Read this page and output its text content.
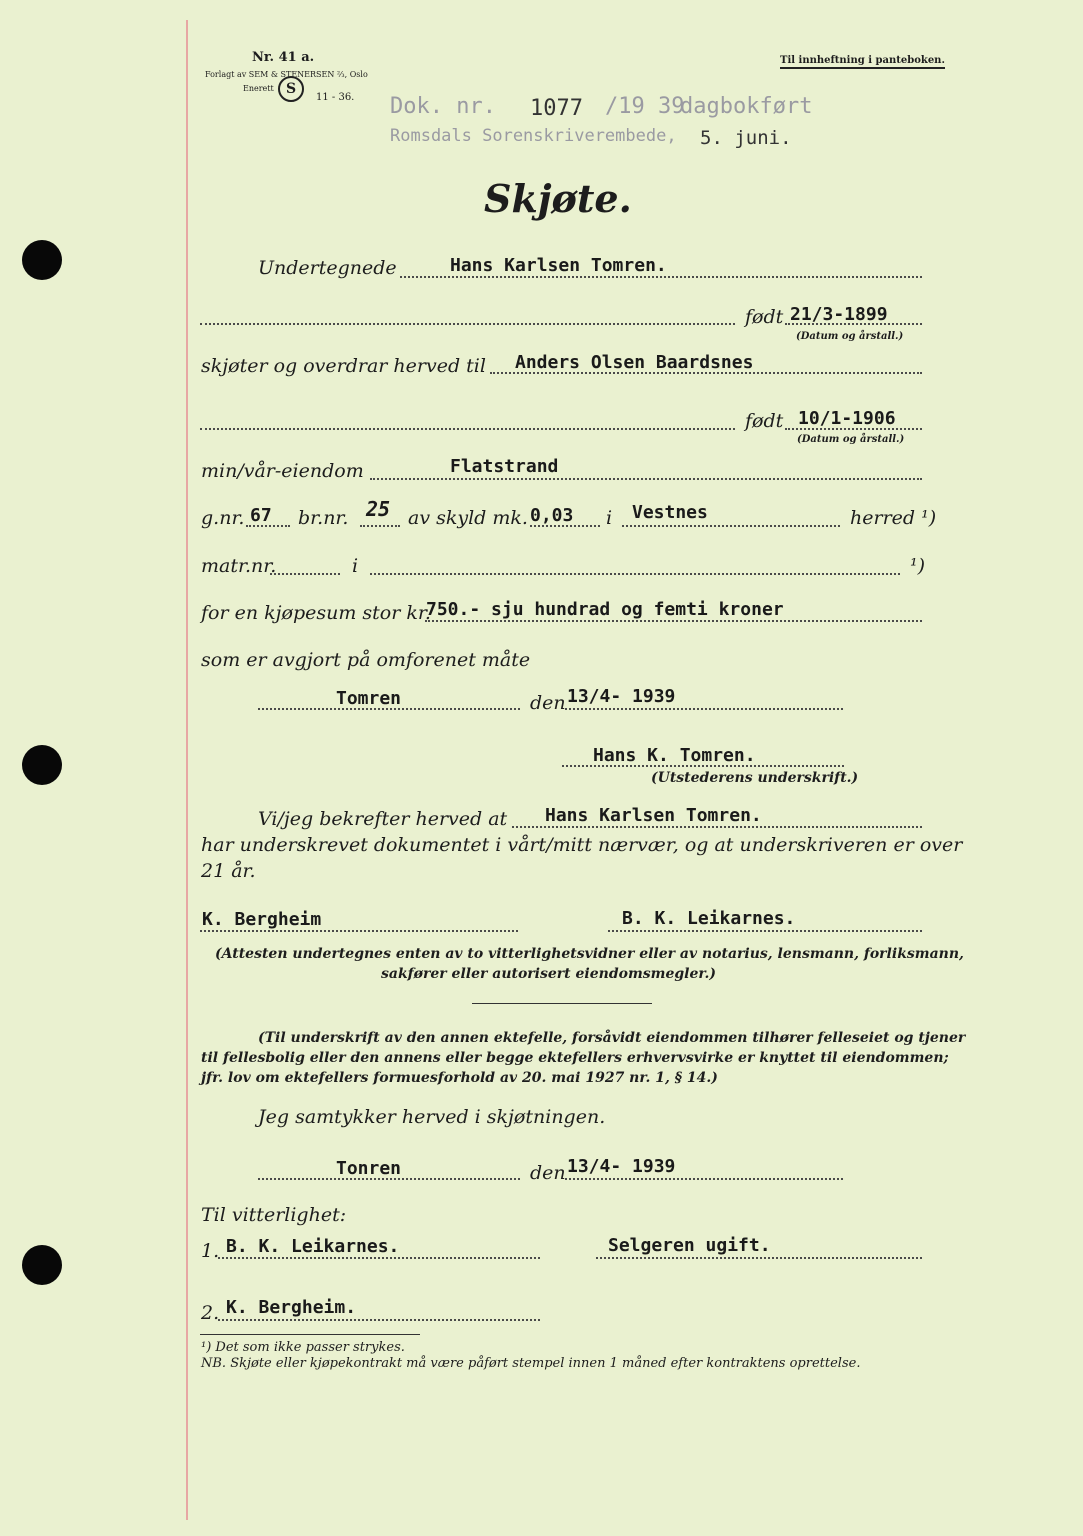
Nr. 41 a.
Forlagt av SEM & STENERSEN ⅔, Oslo
Enerett S
11 - 36.
Til innheftning i panteboken.
Dok. nr. 1077 /19 39
dagbokført
Romsdals Sorenskriverembede, 5. juni.
Skjøte.
Undertegnede	Hans Karlsen Tomren.
født 21/3-1899
(Datum og årstall.)
skjøter og overdrar herved til Anders Olsen Baardsnes
født 10/1-1906
(Datum og årstall.)
min/vår-eiendom	Flatstrand
g.nr. 67 br.nr. 25 av skyld mk. 0,03 i Vestnes	herred ¹)
matr.nr.	i	¹)
for en kjøpesum stor kr.
750.- sju hundrad og femti kroner
som er avgjort på omforenet måte
Tomren	den 13/4- 1939
Hans K. Tomren.
(Utstederens underskrift.)
Vi/jeg bekrefter herved at Hans Karlsen Tomren.
har underskrevet dokumentet i vårt/mitt nærvær, og at underskriveren er over
21 år.
K. Bergheim	B. K. Leikarnes.
(Attesten undertegnes enten av to vitterlighetsvidner eller av notarius, lensmann, forliksmann,
sakfører eller autorisert eiendomsmegler.)
(Til underskrift av den annen ektefelle, forsåvidt eiendommen tilhører felleseiet og tjener
til fellesbolig eller den annens eller begge ektefellers erhvervsvirke er knyttet til eiendommen;
jfr. lov om ektefellers formuesforhold av 20. mai 1927 nr. 1, § 14.)
Jeg samtykker herved i skjøtningen.
Tonren	den 13/4- 1939
Til vitterlighet:
1. B. K. Leikarnes.	Selgeren ugift.
2. K. Bergheim.
¹) Det som ikke passer strykes.
NB. Skjøte eller kjøpekontrakt må være påført stempel innen 1 måned efter kontraktens oprettelse.
